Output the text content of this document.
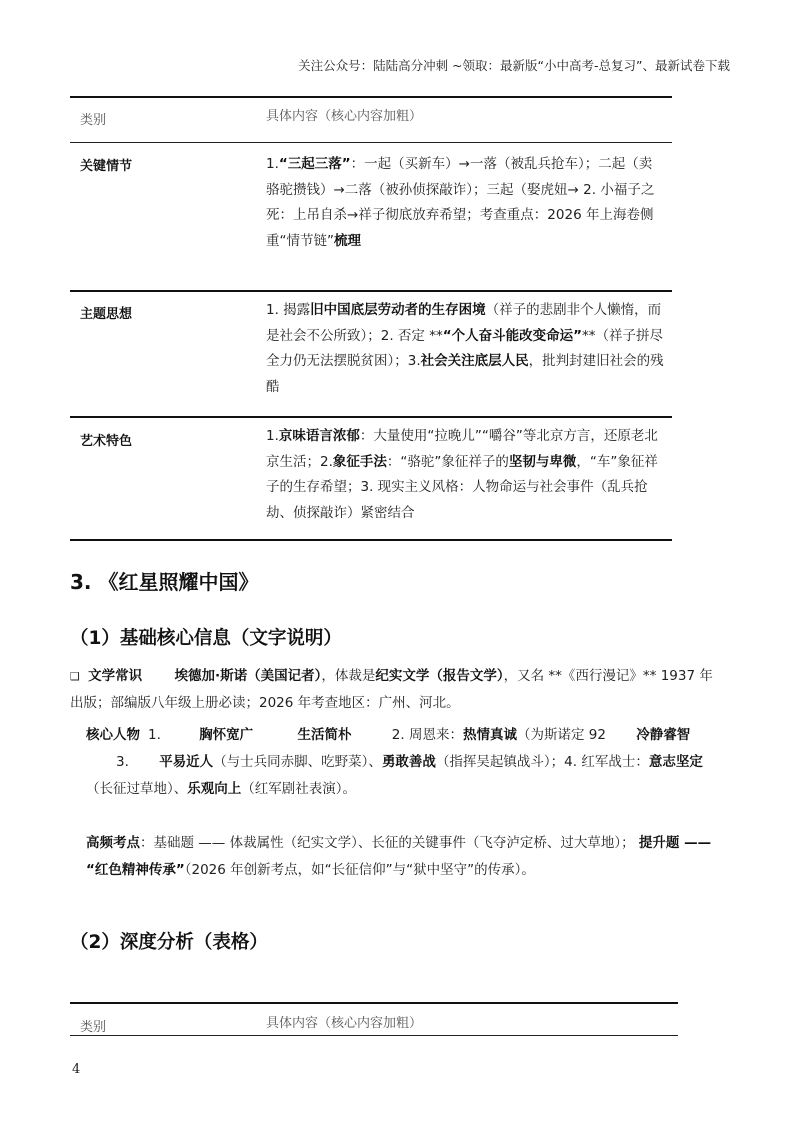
关注公众号：陆陆高分冲刺 ~领取：最新版“小中高考-总复习”、最新试卷下载
类别	具体内容（核心内容加粗）
关键情节	1.“三起三落”：一起（买新车）→一落（被乱兵抢车）；二起（卖骆驼攒钱）→二落（被孙侦探敲诈）；三起（娶虎妞→ 2. 小福子之死：上吊自杀→祥子彻底放弃希望；考查重点：2026 年上海卷侧重“情节链”梳理
主题思想	1. 揭露旧中国底层劳动者的生存困境（祥子的悲剧非个人懒惰，而是社会不公所致）；2. 否定 **“个人奋斗能改变命运”**（祥子拼尽全力仍无法摆脱贫困）；3.社会关注底层人民，批判封建旧社会的残酷
艺术特色	1.京味语言浓郁：大量使用“拉晚儿”“嚼谷”等北京方言，还原老北京生活；2.象征手法：“骆驼”象征祥子的坚韧与卑微，“车”象征祥子的生存希望；3. 现实主义风格：人物命运与社会事件（乱兵抢劫、侦探敲诈）紧密结合
3. 《红星照耀中国》
（1）基础核心信息（文字说明）
❑ 文学常识 埃德加·斯诺（美国记者），体裁是纪实文学（报告文学），又名 **《西行漫记》** 1937 年出版；部编版八年级上册必读；2026 年考查地区：广州、河北。
核心人物 1.	胸怀宽广	生活简朴	2. 周恩来：热情真诚（为斯诺定 92 冷静睿智 3. 平易近人（与士兵同赤脚、吃野菜）、勇敢善战（指挥吴起镇战斗）；4. 红军战士：意志坚定（长征过草地）、乐观向上（红军剧社表演）。
高频考点：基础题 —— 体裁属性（纪实文学）、长征的关键事件（飞夺泸定桥、过大草地）； 提升题 —— “红色精神传承”（2026 年创新考点，如“长征信仰”与“狱中坚守”的传承）。
（2）深度分析（表格）
类别	具体内容（核心内容加粗）
4
